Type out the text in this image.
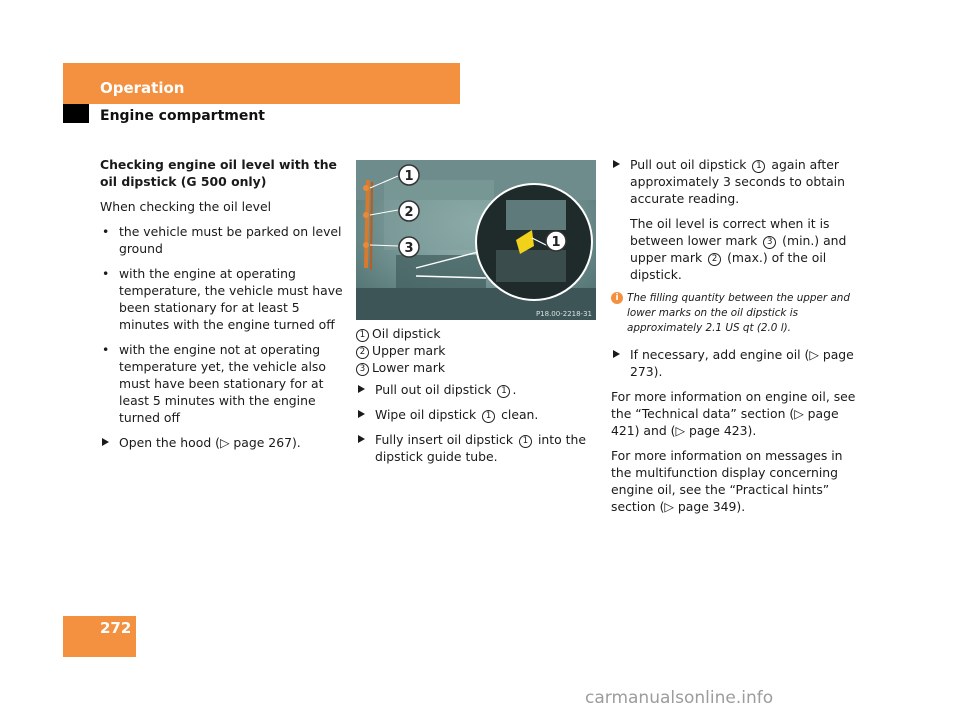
Operation
Engine compartment

Checking engine oil level with the oil dipstick (G 500 only)

When checking the oil level

• the vehicle must be parked on level ground
• with the engine at operating temperature, the vehicle must have been stationary for at least 5 minutes with the engine turned off
• with the engine not at operating temperature yet, the vehicle also must have been stationary for at least 5 minutes with the engine turned off
Open the hood (▷ page 267).
1
2
3	1
P18.00-2218-31
1 Oil dipstick
2 Upper mark
3 Lower mark
Pull out oil dipstick 1 .
Wipe oil dipstick 1 clean.
Fully insert oil dipstick 1 into the dipstick guide tube.
Pull out oil dipstick 1 again after approximately 3 seconds to obtain accurate reading.

The oil level is correct when it is between lower mark 3 (min.) and upper mark 2 (max.) of the oil dipstick.

i The filling quantity between the upper and lower marks on the oil dipstick is approximately 2.1 US qt (2.0 l).
If necessary, add engine oil (▷ page 273).

For more information on engine oil, see the “Technical data” section (▷ page 421) and (▷ page 423).

For more information on messages in the multifunction display concerning engine oil, see the “Practical hints” section (▷ page 349).

272
carmanualsonline.info
